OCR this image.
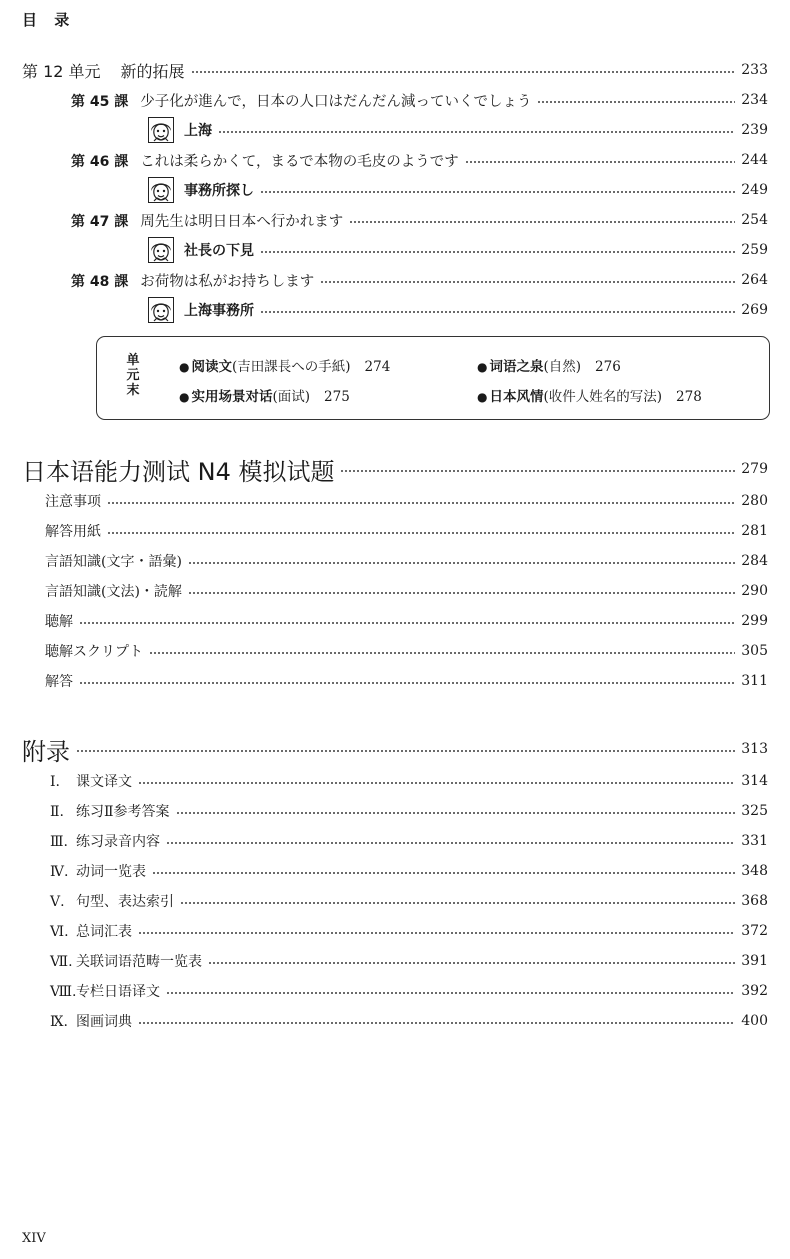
目 录
第 12 单元 新的拓展	233
第 45 課 少子化が進んで，日本の人口はだんだん減っていくでしょう	234
上海	239
第 46 課 これは柔らかくて，まるで本物の毛皮のようです	244
事務所探し	249
第 47 課 周先生は明日日本へ行かれます	254
社長の下見	259
第 48 課 お荷物は私がお持ちします	264
上海事務所	269
单
元
末
● 阅读文(吉田課長への手紙) 274	● 词语之泉(自然) 276
● 实用场景对话(面试) 275	● 日本风情(收件人姓名的写法) 278
日本语能力测试 N4 模拟试题	279
注意事项	280
解答用紙	281
言語知識(文字・語彙)	284
言語知識(文法)・読解	290
聴解	299
聴解スクリプト	305
解答	311
附录	313
Ⅰ. 课文译文	314
Ⅱ. 练习Ⅱ参考答案	325
Ⅲ. 练习录音内容	331
Ⅳ. 动词一览表	348
Ⅴ. 句型、表达索引	368
Ⅵ. 总词汇表	372
Ⅶ. 关联词语范畴一览表	391
Ⅷ.专栏日语译文	392
Ⅸ. 图画词典	400
XIV
